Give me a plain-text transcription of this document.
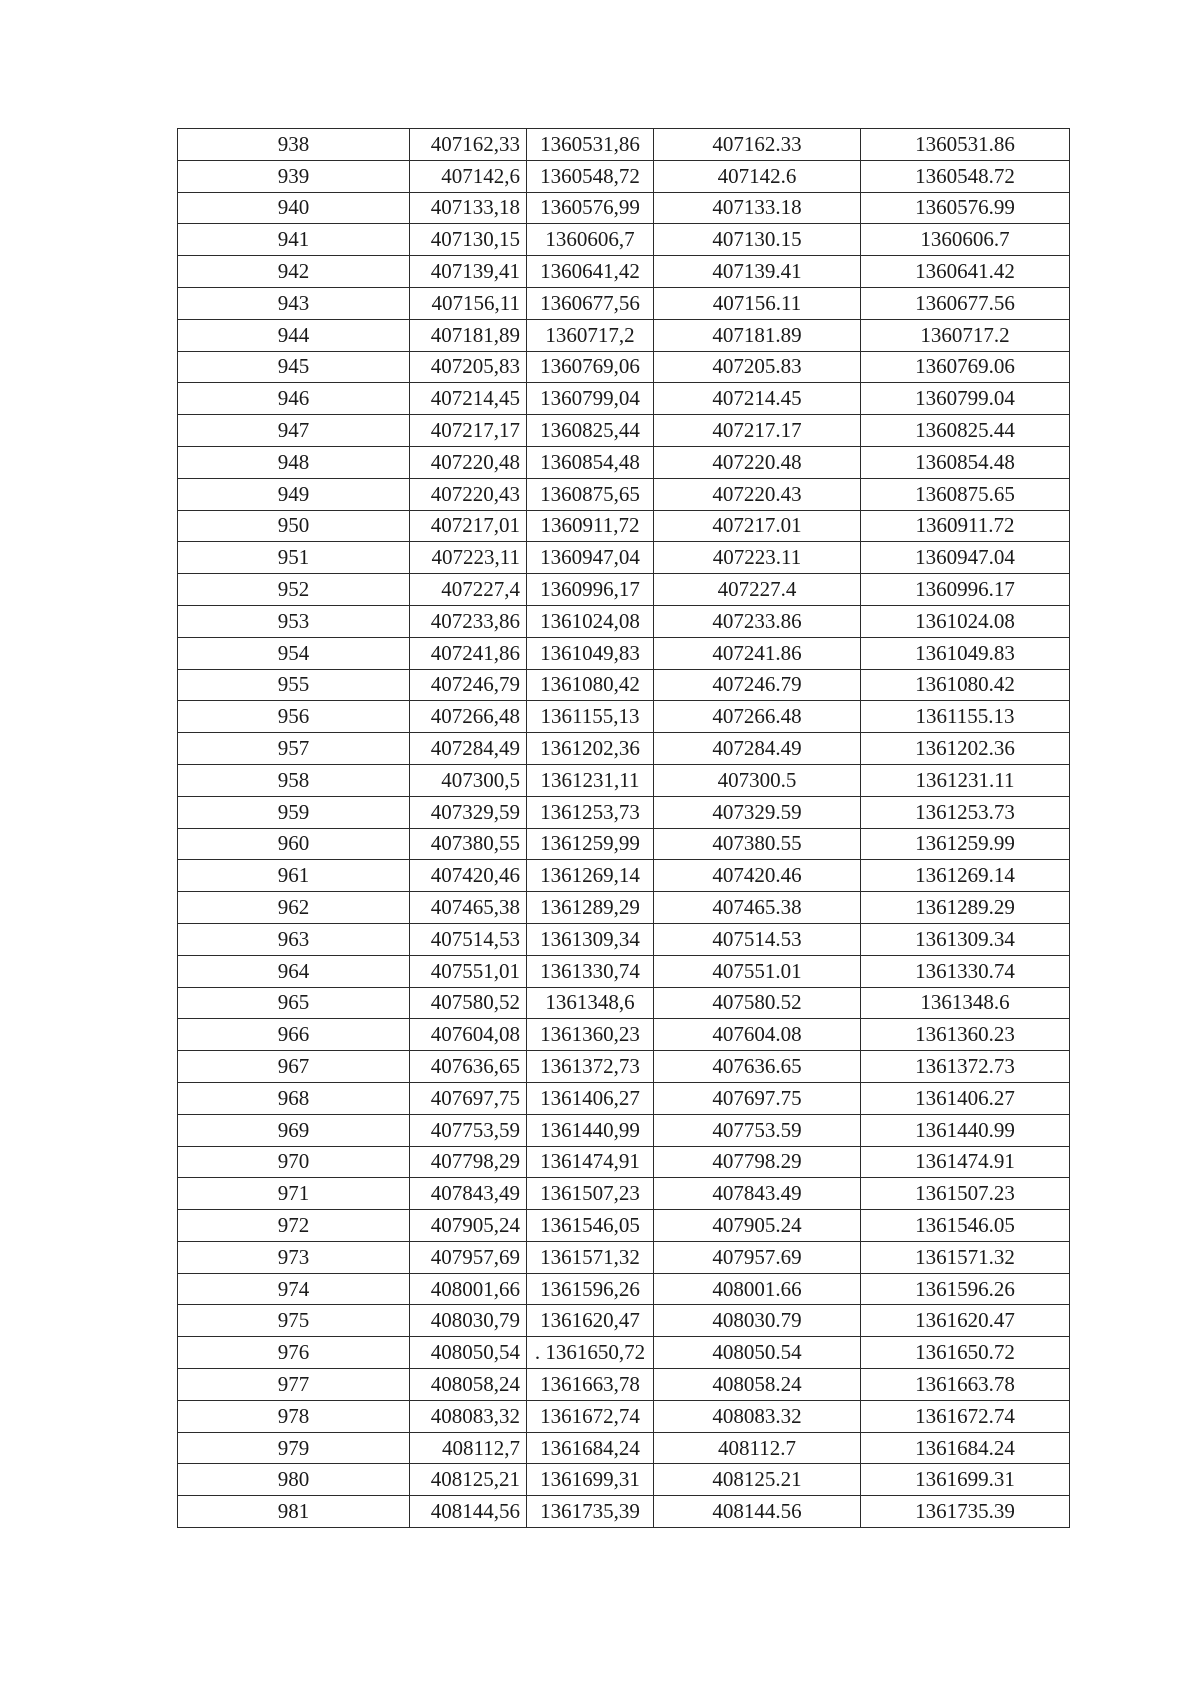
938	407162,33	1360531,86	407162.33	1360531.86
939	407142,6	1360548,72	407142.6	1360548.72
940	407133,18	1360576,99	407133.18	1360576.99
941	407130,15	1360606,7	407130.15	1360606.7
942	407139,41	1360641,42	407139.41	1360641.42
943	407156,11	1360677,56	407156.11	1360677.56
944	407181,89	1360717,2	407181.89	1360717.2
945	407205,83	1360769,06	407205.83	1360769.06
946	407214,45	1360799,04	407214.45	1360799.04
947	407217,17	1360825,44	407217.17	1360825.44
948	407220,48	1360854,48	407220.48	1360854.48
949	407220,43	1360875,65	407220.43	1360875.65
950	407217,01	1360911,72	407217.01	1360911.72
951	407223,11	1360947,04	407223.11	1360947.04
952	407227,4	1360996,17	407227.4	1360996.17
953	407233,86	1361024,08	407233.86	1361024.08
954	407241,86	1361049,83	407241.86	1361049.83
955	407246,79	1361080,42	407246.79	1361080.42
956	407266,48	1361155,13	407266.48	1361155.13
957	407284,49	1361202,36	407284.49	1361202.36
958	407300,5	1361231,11	407300.5	1361231.11
959	407329,59	1361253,73	407329.59	1361253.73
960	407380,55	1361259,99	407380.55	1361259.99
961	407420,46	1361269,14	407420.46	1361269.14
962	407465,38	1361289,29	407465.38	1361289.29
963	407514,53	1361309,34	407514.53	1361309.34
964	407551,01	1361330,74	407551.01	1361330.74
965	407580,52	1361348,6	407580.52	1361348.6
966	407604,08	1361360,23	407604.08	1361360.23
967	407636,65	1361372,73	407636.65	1361372.73
968	407697,75	1361406,27	407697.75	1361406.27
969	407753,59	1361440,99	407753.59	1361440.99
970	407798,29	1361474,91	407798.29	1361474.91
971	407843,49	1361507,23	407843.49	1361507.23
972	407905,24	1361546,05	407905.24	1361546.05
973	407957,69	1361571,32	407957.69	1361571.32
974	408001,66	1361596,26	408001.66	1361596.26
975	408030,79	1361620,47	408030.79	1361620.47
976	408050,54	. 1361650,72	408050.54	1361650.72
977	408058,24	1361663,78	408058.24	1361663.78
978	408083,32	1361672,74	408083.32	1361672.74
979	408112,7	1361684,24	408112.7	1361684.24
980	408125,21	1361699,31	408125.21	1361699.31
981	408144,56	1361735,39	408144.56	1361735.39
